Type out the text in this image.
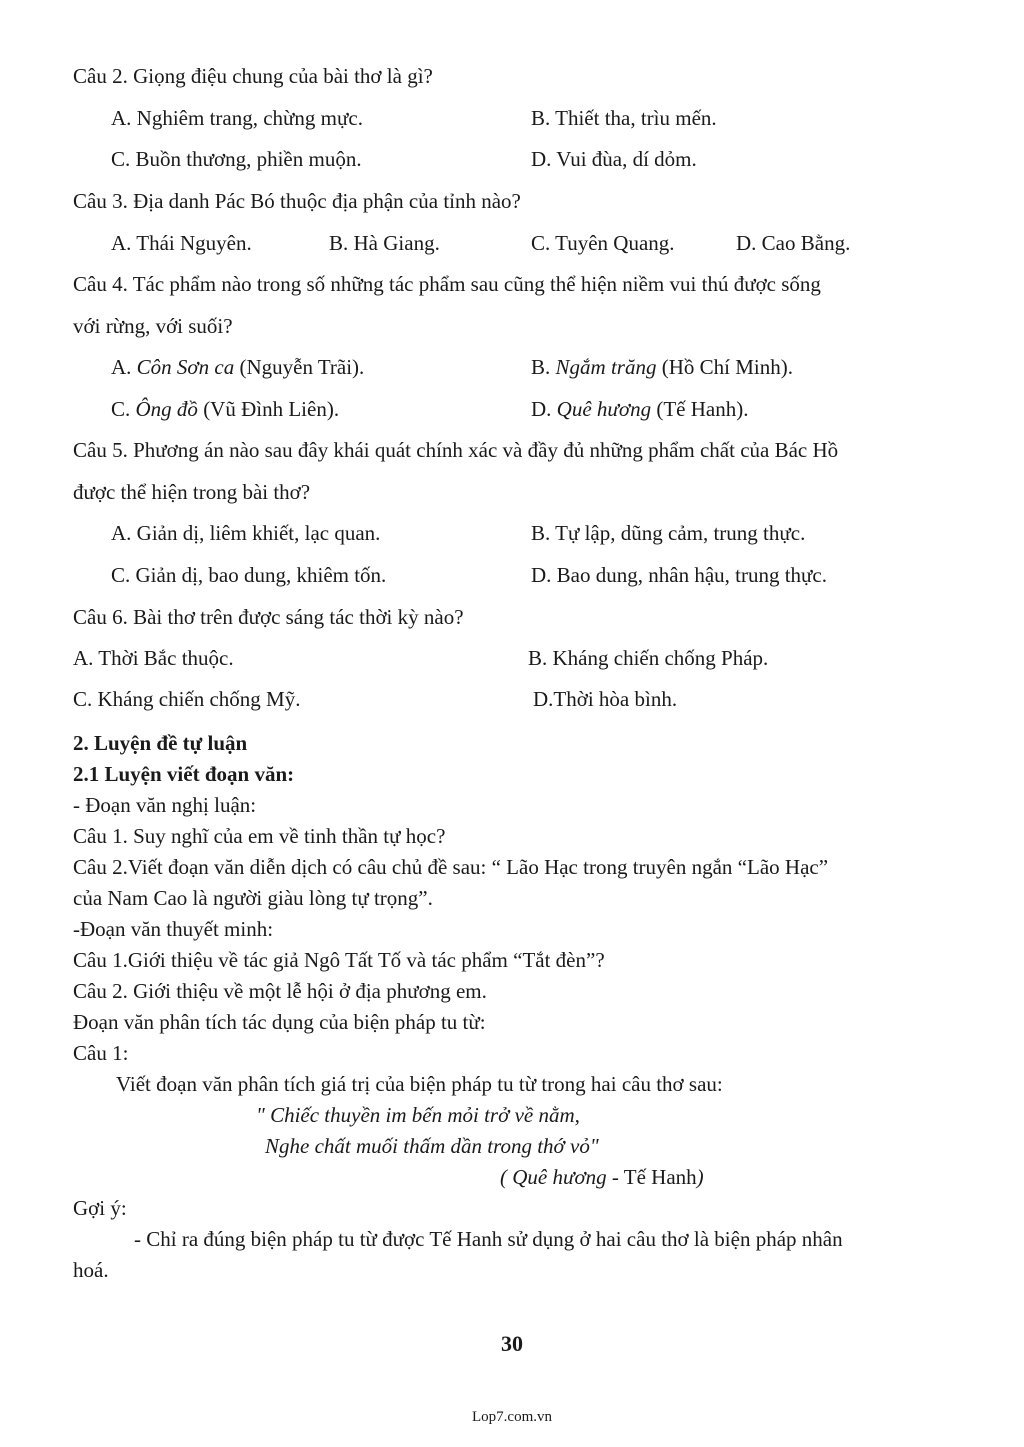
Câu 2. Giọng điệu chung của bài thơ là gì?
A. Nghiêm trang, chừng mực.	B. Thiết tha, trìu mến.
C. Buồn thương, phiền muộn.	D. Vui đùa, dí dỏm.
Câu 3. Địa danh Pác Bó thuộc địa phận của tỉnh nào?
A. Thái Nguyên.	B. Hà Giang.	C. Tuyên Quang.	D. Cao Bằng.
Câu 4. Tác phẩm nào trong số những tác phẩm sau cũng thể hiện niềm vui thú được sống
với rừng, với suối?
A. Côn Sơn ca (Nguyễn Trãi).	B. Ngắm trăng (Hồ Chí Minh).
C. Ông đồ (Vũ Đình Liên).	D. Quê hương (Tế Hanh).
Câu 5. Phương án nào sau đây khái quát chính xác và đầy đủ những phẩm chất của Bác Hồ
được thể hiện trong bài thơ?
A. Giản dị, liêm khiết, lạc quan.	B. Tự lập, dũng cảm, trung thực.
C. Giản dị, bao dung, khiêm tốn.	D. Bao dung, nhân hậu, trung thực.
Câu 6. Bài thơ trên được sáng tác thời kỳ nào?
A. Thời Bắc thuộc.	B. Kháng chiến chống Pháp.
C. Kháng chiến chống Mỹ.	D.Thời hòa bình.
2. Luyện đề tự luận
2.1 Luyện viết đoạn văn:
- Đoạn văn nghị luận:
Câu 1. Suy nghĩ của em về tinh thần tự học?
Câu 2.Viết đoạn văn diễn dịch có câu chủ đề sau: “ Lão Hạc trong truyên ngắn “Lão Hạc”
của Nam Cao là người giàu lòng tự trọng”.
-Đoạn văn thuyết minh:
Câu 1.Giới thiệu về tác giả Ngô Tất Tố và tác phẩm “Tắt đèn”?
Câu 2. Giới thiệu về một lễ hội ở địa phương em.
Đoạn văn phân tích tác dụng của biện pháp tu từ:
Câu 1:
Viết đoạn văn phân tích giá trị của biện pháp tu từ trong hai câu thơ sau:
" Chiếc thuyền im bến mỏi trở về nằm,
Nghe chất muối thấm dần trong thớ vỏ"
( Quê hương - Tế Hanh)
Gợi ý:
- Chỉ ra đúng biện pháp tu từ được Tế Hanh sử dụng ở hai câu thơ là biện pháp nhân
hoá.
30
Lop7.com.vn
